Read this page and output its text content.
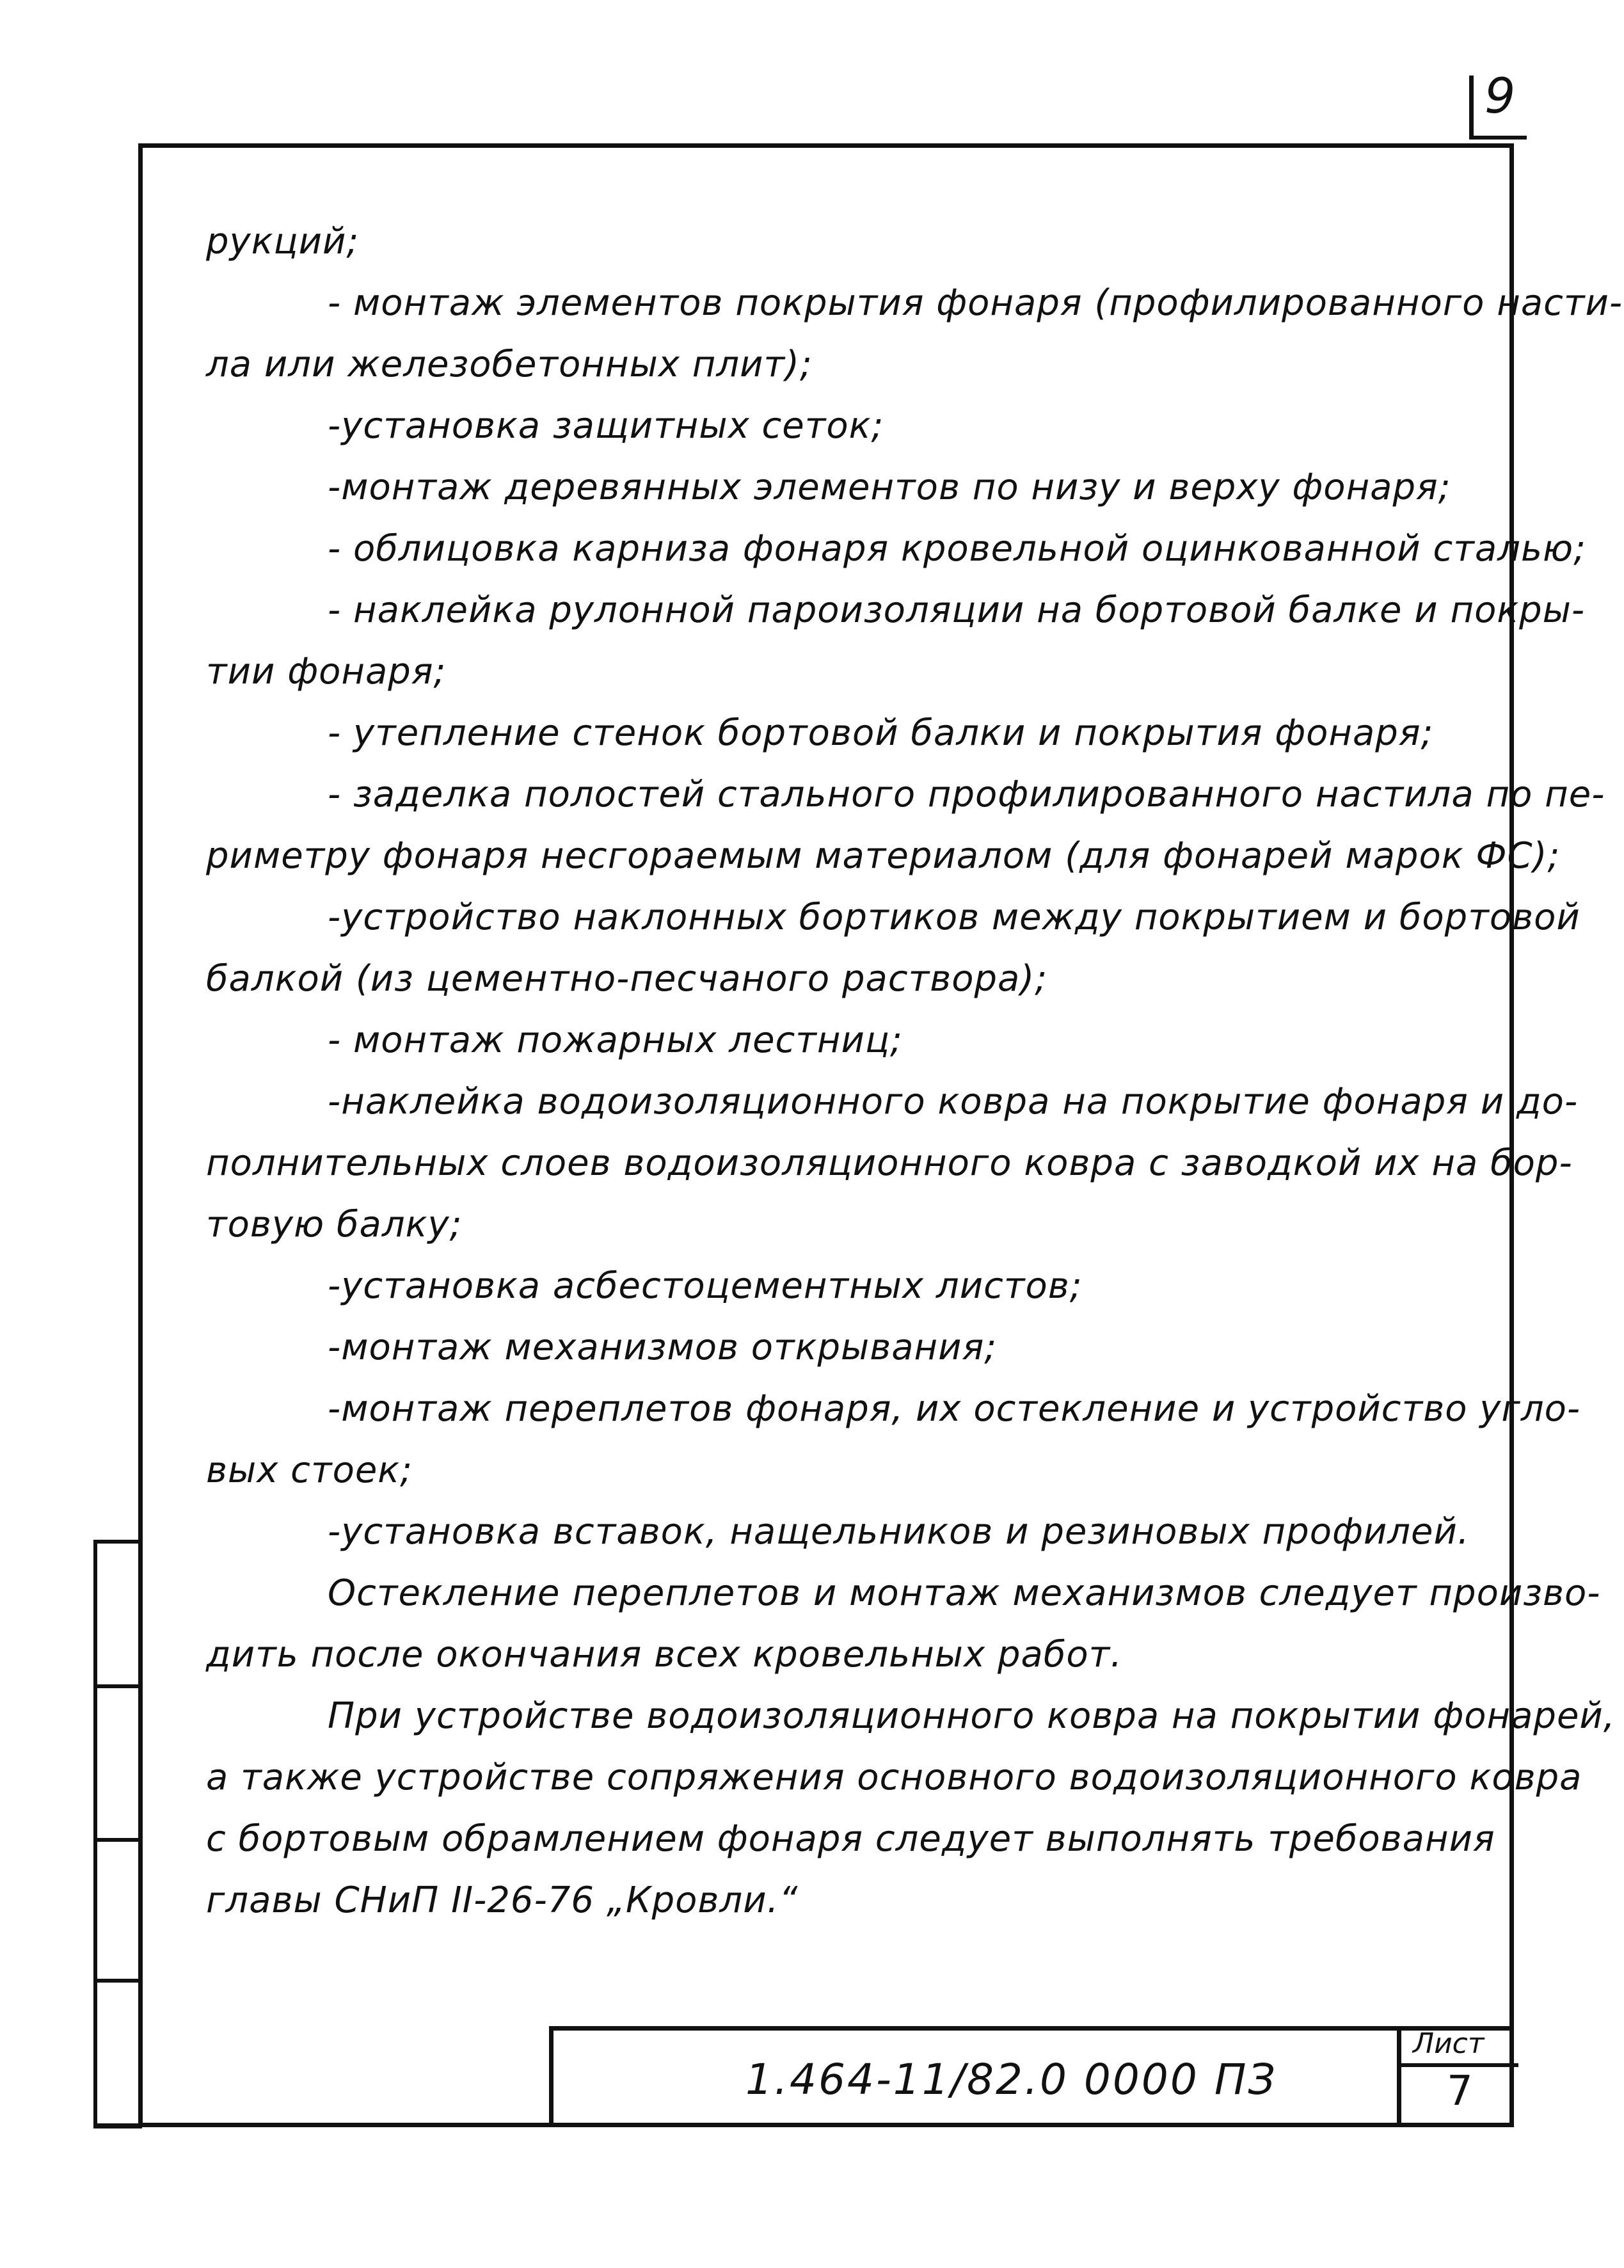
9
рукций;
- монтаж элементов покрытия фонаря (профилированного насти-
ла или железобетонных плит);
-установка защитных сеток;
-монтаж деревянных элементов по низу и верху фонаря;
- облицовка карниза фонаря кровельной оцинкованной сталью;
- наклейка рулонной пароизоляции на бортовой балке и покры-
тии фонаря;
- утепление стенок бортовой балки и покрытия фонаря;
- заделка полостей стального профилированного настила по пе-
риметру фонаря несгораемым материалом (для фонарей марок ФС);
-устройство наклонных бортиков между покрытием и бортовой
балкой (из цементно-песчаного раствора);
- монтаж пожарных лестниц;
-наклейка водоизоляционного ковра на покрытие фонаря и до-
полнительных слоев водоизоляционного ковра с заводкой их на бор-
товую балку;
-установка асбестоцементных листов;
-монтаж механизмов открывания;
-монтаж переплетов фонаря, их остекление и устройство угло-
вых стоек;
-установка вставок, нащельников и резиновых профилей.
Остекление переплетов и монтаж механизмов следует произво-
дить после окончания всех кровельных работ.
При устройстве водоизоляционного ковра на покрытии фонарей,
а также устройстве сопряжения основного водоизоляционного ковра
с бортовым обрамлением фонаря следует выполнять требования
главы СНиП II-26-76 „Кровли.“
1.464-11/82.0 0000 ПЗ
Лист
7
